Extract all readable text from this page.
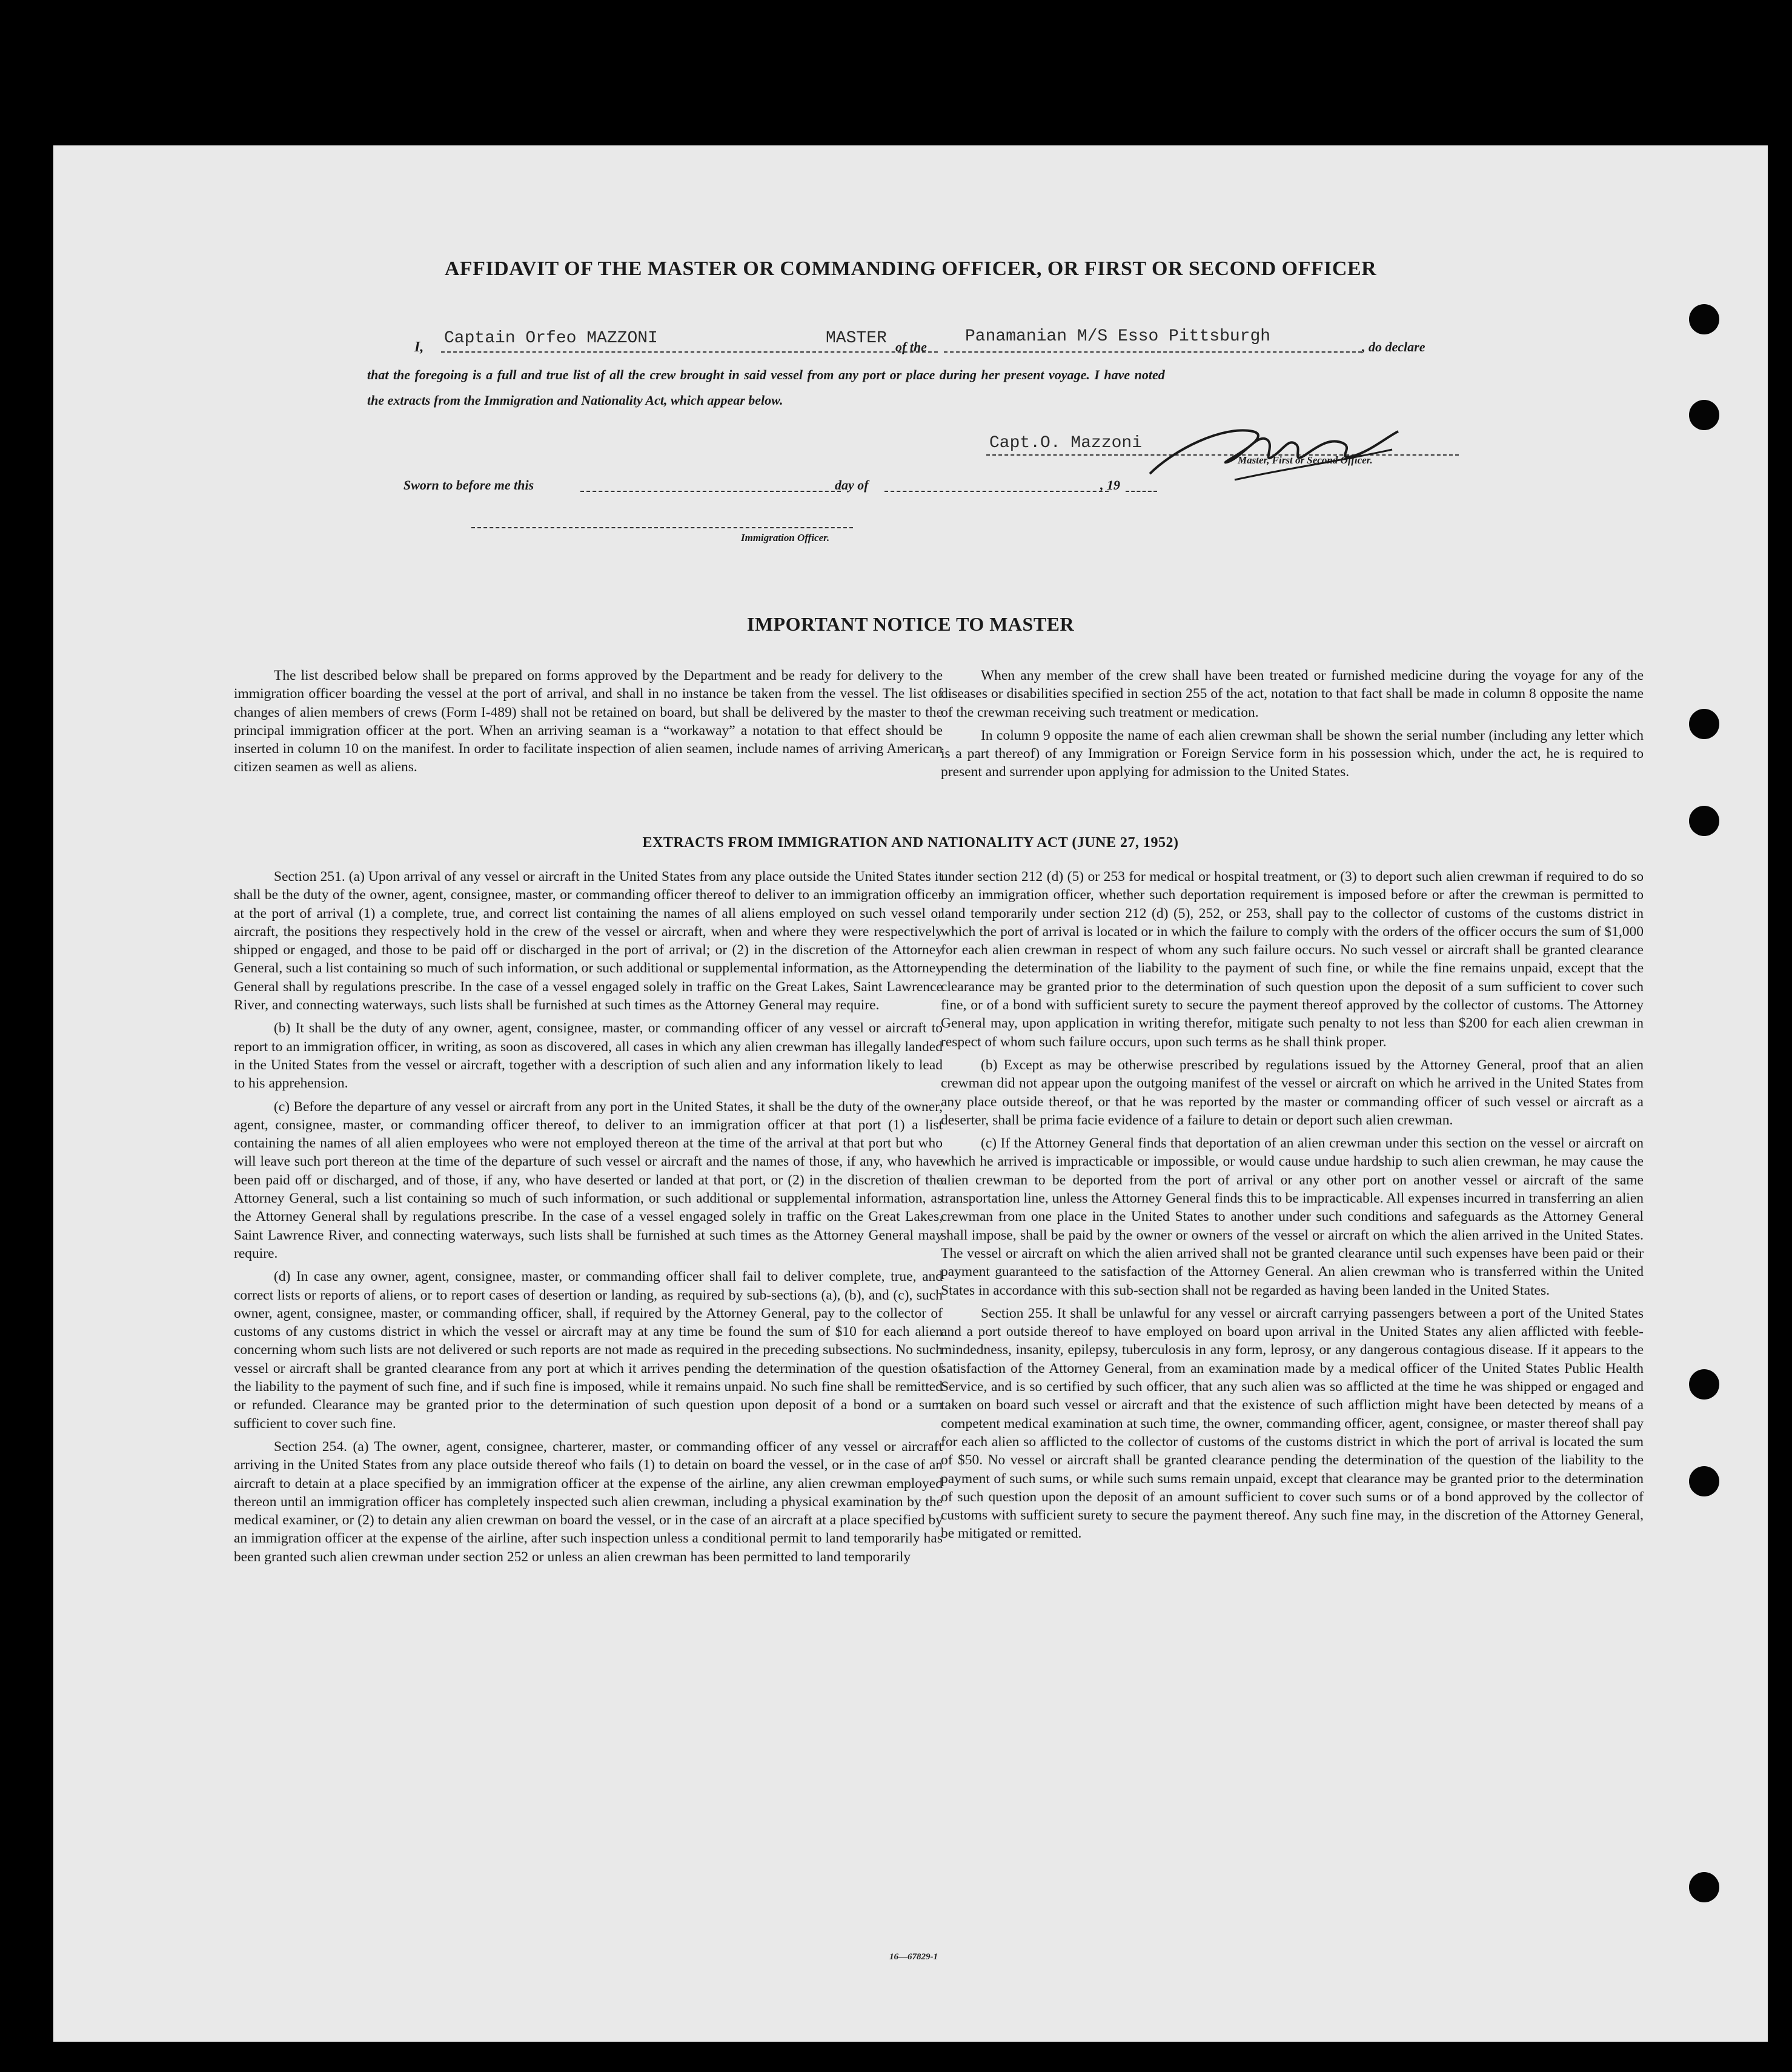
AFFIDAVIT OF THE MASTER OR COMMANDING OFFICER, OR FIRST OR SECOND OFFICER
I, Captain Orfeo MAZZONI	MASTER of the
Panamanian M/S Esso Pittsburgh
, do declare
that the foregoing is a full and true list of all the crew brought in said vessel from any port or place during her present voyage. I have noted
the extracts from the Immigration and Nationality Act, which appear below.
Capt.O. Mazzoni
Master, First or Second Officer.
Sworn to before me this	day of	, 19
Immigration Officer.
IMPORTANT NOTICE TO MASTER

The list described below shall be prepared on forms approved by the Department and be ready for delivery to the immigration officer boarding the vessel at the port of arrival, and shall in no instance be taken from the vessel. The list of changes of alien members of crews (Form I-489) shall not be retained on board, but shall be delivered by the master to the principal immigration officer at the port. When an arriving seaman is a “workaway” a notation to that effect should be inserted in column 10 on the manifest. In order to facilitate inspection of alien seamen, include names of arriving American citizen seamen as well as aliens.

When any member of the crew shall have been treated or furnished medicine during the voyage for any of the diseases or disabilities specified in section 255 of the act, notation to that fact shall be made in column 8 opposite the name of the crewman receiving such treatment or medication.

In column 9 opposite the name of each alien crewman shall be shown the serial number (including any letter which is a part thereof) of any Immigration or Foreign Service form in his possession which, under the act, he is required to present and surrender upon applying for admission to the United States.

EXTRACTS FROM IMMIGRATION AND NATIONALITY ACT (JUNE 27, 1952)

Section 251. (a) Upon arrival of any vessel or aircraft in the United States from any place outside the United States it shall be the duty of the owner, agent, consignee, master, or commanding officer thereof to deliver to an immigration officer at the port of arrival (1) a complete, true, and correct list containing the names of all aliens employed on such vessel or aircraft, the positions they respectively hold in the crew of the vessel or aircraft, when and where they were respectively shipped or engaged, and those to be paid off or discharged in the port of arrival; or (2) in the discretion of the Attorney General, such a list containing so much of such information, or such additional or supplemental information, as the Attorney General shall by regulations prescribe. In the case of a vessel engaged solely in traffic on the Great Lakes, Saint Lawrence River, and connecting waterways, such lists shall be furnished at such times as the Attorney General may require.

(b) It shall be the duty of any owner, agent, consignee, master, or commanding officer of any vessel or aircraft to report to an immigration officer, in writing, as soon as discovered, all cases in which any alien crewman has illegally landed in the United States from the vessel or aircraft, together with a description of such alien and any information likely to lead to his apprehension.

(c) Before the departure of any vessel or aircraft from any port in the United States, it shall be the duty of the owner, agent, consignee, master, or commanding officer thereof, to deliver to an immigration officer at that port (1) a list containing the names of all alien employees who were not employed thereon at the time of the arrival at that port but who will leave such port thereon at the time of the departure of such vessel or aircraft and the names of those, if any, who have been paid off or discharged, and of those, if any, who have deserted or landed at that port, or (2) in the discretion of the Attorney General, such a list containing so much of such information, or such additional or supplemental information, as the Attorney General shall by regulations prescribe. In the case of a vessel engaged solely in traffic on the Great Lakes, Saint Lawrence River, and connecting waterways, such lists shall be furnished at such times as the Attorney General may require.

(d) In case any owner, agent, consignee, master, or commanding officer shall fail to deliver complete, true, and correct lists or reports of aliens, or to report cases of desertion or landing, as required by sub-sections (a), (b), and (c), such owner, agent, consignee, master, or commanding officer, shall, if required by the Attorney General, pay to the collector of customs of any customs district in which the vessel or aircraft may at any time be found the sum of $10 for each alien concerning whom such lists are not delivered or such reports are not made as required in the preceding subsections. No such vessel or aircraft shall be granted clearance from any port at which it arrives pending the determination of the question of the liability to the payment of such fine, and if such fine is imposed, while it remains unpaid. No such fine shall be remitted or refunded. Clearance may be granted prior to the determination of such question upon deposit of a bond or a sum sufficient to cover such fine.

Section 254. (a) The owner, agent, consignee, charterer, master, or commanding officer of any vessel or aircraft arriving in the United States from any place outside thereof who fails (1) to detain on board the vessel, or in the case of an aircraft to detain at a place specified by an immigration officer at the expense of the airline, any alien crewman employed thereon until an immigration officer has completely inspected such alien crewman, including a physical examination by the medical examiner, or (2) to detain any alien crewman on board the vessel, or in the case of an aircraft at a place specified by an immigration officer at the expense of the airline, after such inspection unless a conditional permit to land temporarily has been granted such alien crewman under section 252 or unless an alien crewman has been permitted to land temporarily

under section 212 (d) (5) or 253 for medical or hospital treatment, or (3) to deport such alien crewman if required to do so by an immigration officer, whether such deportation requirement is imposed before or after the crewman is permitted to land temporarily under section 212 (d) (5), 252, or 253, shall pay to the collector of customs of the customs district in which the port of arrival is located or in which the failure to comply with the orders of the officer occurs the sum of $1,000 for each alien crewman in respect of whom any such failure occurs. No such vessel or aircraft shall be granted clearance pending the determination of the liability to the payment of such fine, or while the fine remains unpaid, except that the clearance may be granted prior to the determination of such question upon the deposit of a sum sufficient to cover such fine, or of a bond with sufficient surety to secure the payment thereof approved by the collector of customs. The Attorney General may, upon application in writing therefor, mitigate such penalty to not less than $200 for each alien crewman in respect of whom such failure occurs, upon such terms as he shall think proper.

(b) Except as may be otherwise prescribed by regulations issued by the Attorney General, proof that an alien crewman did not appear upon the outgoing manifest of the vessel or aircraft on which he arrived in the United States from any place outside thereof, or that he was reported by the master or commanding officer of such vessel or aircraft as a deserter, shall be prima facie evidence of a failure to detain or deport such alien crewman.

(c) If the Attorney General finds that deportation of an alien crewman under this section on the vessel or aircraft on which he arrived is impracticable or impossible, or would cause undue hardship to such alien crewman, he may cause the alien crewman to be deported from the port of arrival or any other port on another vessel or aircraft of the same transportation line, unless the Attorney General finds this to be impracticable. All expenses incurred in transferring an alien crewman from one place in the United States to another under such conditions and safeguards as the Attorney General shall impose, shall be paid by the owner or owners of the vessel or aircraft on which the alien arrived in the United States. The vessel or aircraft on which the alien arrived shall not be granted clearance until such expenses have been paid or their payment guaranteed to the satisfaction of the Attorney General. An alien crewman who is transferred within the United States in accordance with this sub-section shall not be regarded as having been landed in the United States.

Section 255. It shall be unlawful for any vessel or aircraft carrying passengers between a port of the United States and a port outside thereof to have employed on board upon arrival in the United States any alien afflicted with feeble-mindedness, insanity, epilepsy, tuberculosis in any form, leprosy, or any dangerous contagious disease. If it appears to the satisfaction of the Attorney General, from an examination made by a medical officer of the United States Public Health Service, and is so certified by such officer, that any such alien was so afflicted at the time he was shipped or engaged and taken on board such vessel or aircraft and that the existence of such affliction might have been detected by means of a competent medical examination at such time, the owner, commanding officer, agent, consignee, or master thereof shall pay for each alien so afflicted to the collector of customs of the customs district in which the port of arrival is located the sum of $50. No vessel or aircraft shall be granted clearance pending the determination of the question of the liability to the payment of such sums, or while such sums remain unpaid, except that clearance may be granted prior to the determination of such question upon the deposit of an amount sufficient to cover such sums or of a bond approved by the collector of customs with sufficient surety to secure the payment thereof. Any such fine may, in the discretion of the Attorney General, be mitigated or remitted.

16—67829-1
